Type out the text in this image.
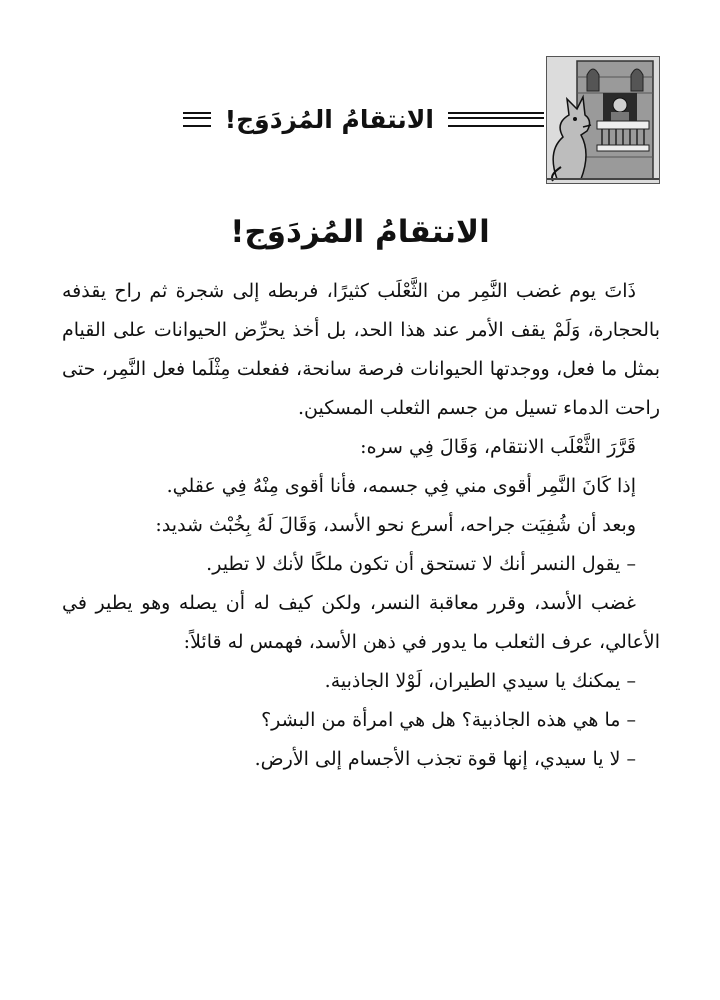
الانتقامُ المُزدَوَج!
الانتقامُ المُزدَوَج!

ذَاتَ يوم غضب النَّمِر من الثَّعْلَب كثيرًا، فربطه إلى شجرة ثم راح يقذفه بالحجارة، وَلَمْ يقف الأمر عند هذا الحد، بل أخذ يحرِّض الحيوانات على القيام بمثل ما فعل، ووجدتها الحيوانات فرصة سانحة، ففعلت مِثْلَما فعل النَّمِر، حتى راحت الدماء تسيل من جسم الثعلب المسكين.

قَرَّرَ الثَّعْلَب الانتقام، وَقَالَ فِي سره:

إذا كَانَ النَّمِر أقوى مني فِي جسمه، فأنا أقوى مِنْهُ فِي عقلي.

وبعد أن شُفِيَت جراحه، أسرع نحو الأسد، وَقَالَ لَهُ بِخُبْث شديد:

– يقول النسر أنك لا تستحق أن تكون ملكًا لأنك لا تطير.

غضب الأسد، وقرر معاقبة النسر، ولكن كيف له أن يصله وهو يطير في الأعالي، عرف الثعلب ما يدور في ذهن الأسد، فهمس له قائلاً:

– يمكنك يا سيدي الطيران، لَوْلا الجاذبية.

– ما هي هذه الجاذبية؟ هل هي امرأة من البشر؟

– لا يا سيدي، إنها قوة تجذب الأجسام إلى الأرض.
